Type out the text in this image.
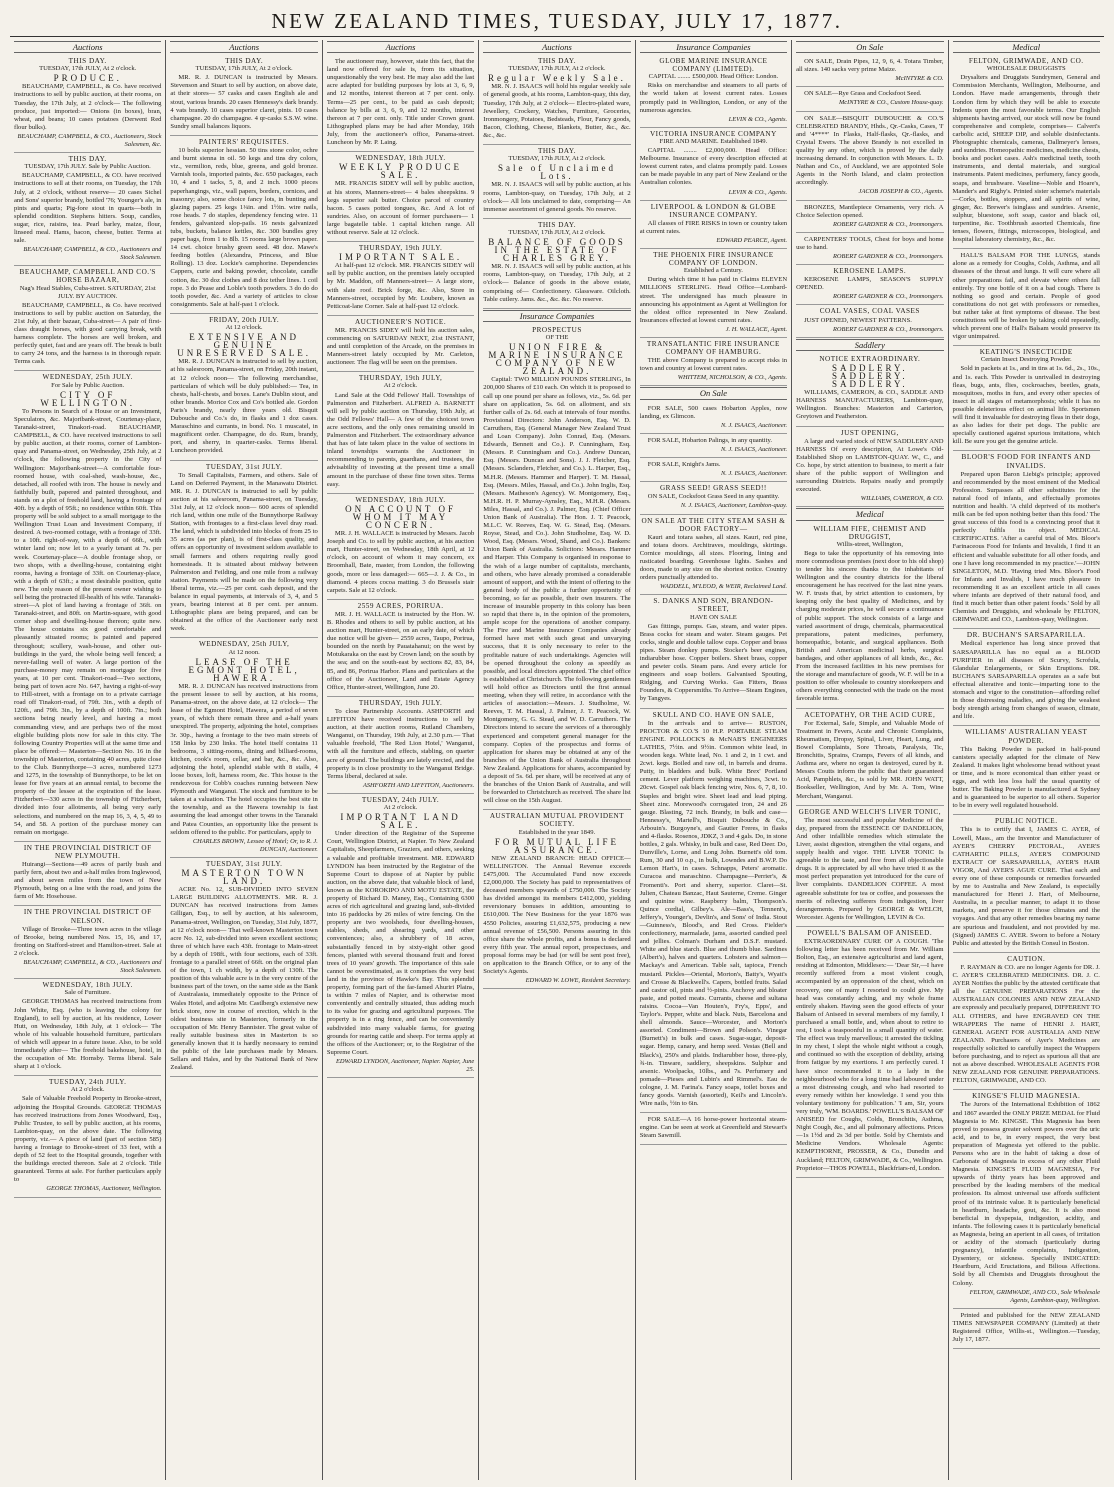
NEW ZEALAND TIMES, TUESDAY, JULY 17, 1877.
Auctions
THIS DAY.
TUESDAY, 17th JULY, At 2 o'clock.
PRODUCE.

BEAUCHAMP, CAMPBELL, & Co. have received instructions to sell by public auction, at their rooms, on Tuesday, the 17th July, at 2 o'clock— The following produce, just imported:— Onions (in boxes), bran, wheat, and beans; 10 cases potatoes (Derwent Red flour bulks).

BEAUCHAMP, CAMPBELL, & CO., Auctioneers, Stock Salesmen, &c.
THIS DAY.
TUESDAY, 17th JULY. Sale by Public Auction.

BEAUCHAMP, CAMPBELL, & CO. have received instructions to sell at their rooms, on Tuesday, the 17th July, at 2 o'clock, without reserve— 20 cases Sichel and Sons' superior brandy, bottled '76; Younger's ale, in pints and quarts; Pig-fore stout in quarts—both in splendid condition. Stephens hitters. Soup, candles, sugar, rice, raisins, tea. Pearl barley, maize, flour, linseed meal. Hams, bacon, cheese, butter. Terms at sale.

BEAUCHAMP, CAMPBELL, & CO., Auctioneers and Stock Salesmen.
BEAUCHAMP, CAMPBELL AND CO.'S HORSE BAZAAR,
Nag's Head Stables, Cuba-street. SATURDAY, 21st JULY. BY AUCTION.

BEAUCHAMP, CAMPBELL, & Co. have received instructions to sell by public auction on Saturday, the 21st July, at their bazaar, Cuba-street— A pair of first-class draught horses, with good carrying break, with harness complete. The horses are well broken, and perfectly quiet, fast and are years off. The break is built to carry 24 tons, and the harness is in thorough repair. Terms cash.

WEDNESDAY, 25th JULY.
For Sale by Public Auction.
CITY OF WELLINGTON.

To Persons in Search of a House or an Investment, Speculators, &c. Majoribank-street, Courtenay-place, Taranaki-street, Tinakori-road. BEAUCHAMP, CAMPBELL, & CO. have received instructions to sell by public auction, at their rooms, corner of Lambton-quay and Panama-street, on Wednesday, 25th July, at 2 o'clock, the following property in the City of Wellington: Majoribank-street—A comfortable four-roomed house, with coal-shed, wash-house, &c., detached, all roofed with iron. The house is newly and faithfully built, papered and painted throughout, and stands on a plot of freehold land, having a frontage of 40ft. by a depth of 95ft.; no residence within 60ft. This property will be sold subject to a small mortgage to the Wellington Trust Loan and Investment Company, if desired. A two-roomed cottage, with a frontage of 33ft. to a 10ft. right-of-way, with a depth of 66ft., with winter land on; now let to a yearly tenant at 7s. per week. Courtenay-place—A double frontage shop, or two shops, with a dwelling-house, containing eight rooms, having a frontage of 33ft. on Courtenay-place, with a depth of 63ft.; a most desirable position, quite new. The only reason of the present owner wishing to sell being the protracted ill-health of his wife. Taranaki-street—A plot of land having a frontage of 36ft. on Taranaki-street, and 80ft. on Martin-square, with good corner shop and dwelling-house thereon; quite new. The house contains six good comfortable and pleasantly situated rooms; is painted and papered throughout; scullery, wash-house, and other out-buildings in the yard, the whole being well fenced; a never-failing well of water. A large portion of the purchase-money may remain on mortgage for five years, at 10 per cent. Tinakori-road—Two sections, being part of town acre No. 647, having a right-of-way to Hill-street, with a frontage on to a private carriage road off Tinakori-road, of 79ft. 3in., with a depth of 120ft., and 79ft. 3in., by a depth of 100ft. 7in.; both sections being nearly level, and having a most commanding view, and are perhaps two of the most eligible building plots now for sale in this city. The following Country Properties will at the same time and place be offered:— Masterton—Section No. 16 in the township of Masterton, containing 40 acres, quite close to the Club. Bunnythorpe—3 acres, numbered 1273 and 1275, in the township of Bunnythorpe, to be let on lease for five years at an annual rental, to become the property of the lessee at the expiration of the lease. Fitzherbert—330 acres in the township of Fitzherbert, divided into four allotments, all being very early selections, and numbered on the map 16, 3, 4, 5, 49 to 54, and 58. A portion of the purchase money can remain on mortgage.

IN THE PROVINCIAL DISTRICT OF NEW PLYMOUTH.

Huirangi—Sections—49 acres of partly bush and partly fern, about two and a-half miles from Inglewood, and about seven miles from the town of New Plymouth, being on a line with the road, and joins the farm of Mr. Hosehouse.

IN THE PROVINCIAL DISTRICT OF NELSON.

Village of Brooke—Three town acres in the village of Brooke, being numbered Nos. 15, 16, and 17, fronting on Stafford-street and Hamilton-street. Sale at 2 o'clock.

BEAUCHAMP, CAMPBELL, & CO., Auctioneers and Stock Salesmen.
WEDNESDAY, 18th JULY.
Sale of Furniture.

GEORGE THOMAS has received instructions from John White, Esq. (who is leaving the colony for England), to sell by auction, at his residence, Lower Hutt, on Wednesday, 18th July, at 1 o'clock— The whole of his valuable household furniture, particulars of which will appear in a future issue. Also, to be sold immediately after— The freehold bakehouse, hotel, in the occupation of Mr. Hornsby. Terms liberal. Sale sharp at 1 o'clock.

TUESDAY, 24th JULY.
At 2 o'clock.

Sale of Valuable Freehold Property in Brooke-street, adjoining the Hospital Grounds. GEORGE THOMAS has received instructions from Jones Woodward, Esq., Public Trustee, to sell by public auction, at his rooms, Lambton-quay, on the above date. The following property, viz.— A piece of land (part of section 585) having a frontage to Brooke-street of 33 feet, with a depth of 52 feet to the Hospital grounds, together with the buildings erected thereon. Sale at 2 o'clock. Title guaranteed. Terms at sale. For further particulars apply to

GEORGE THOMAS, Auctioneer, Wellington.
Auctions
THIS DAY.
TUESDAY, 17th JULY, At 2 o'clock.

MR. R. J. DUNCAN is instructed by Messrs. Stevenson and Stuart to sell by auction, on above date, at their stores— 57 casks and cases English ale and stout, various brands. 20 cases Hennessy's dark brandy. 4 vats brandy. 10 cases superior claret, pints. 10 cases champagne. 20 do champagne. 4 qr-casks S.S.W. wine. Sundry small balances liquors.

PAINTERS' REQUISITES.

10 bolts superior hessian. 50 tins stone color, ochre and burnt sienna in oil. 50 kegs and tins dry colors, viz., vermilion, reds, blue, greens, and gold bronze. Varnish tools, imported paints, &c. 650 packages, each 10, 4 and 1 tacks, 5, 8, and 2 inch. 1000 pieces paperhangings, viz., wall papers, borders, cornices, and masonry; also, some choice fancy lots, in bunting and glazing papers. 25 kegs 1¼in. and 1½in. wire nails, rose heads. 7 do staples, dependency fencing wire. 11 fenders, galvanized slop-pails. 16 nests galvanized tubs, buckets, balance kettles, &c. 300 bundles grey paper bags, from 1 to 8lb. 15 rooms large brown paper. 14 cwt. choice brushy green seed. 48 doz. Mawe's feeding bottles (Alexandra, Princess, and Blue Rolling). 13 doz. Lockie's camphorine. Dependencies Cappers, curie and baking powder, chocolate, candle cotton, &c. 30 doz clothes and 8 doz tether lines. 1 coil rope. 3 do Pease and Loble's tooth powders. 3 do do do tooth powder, &c. And a variety of articles to close consignments. Sale at half-past 1 o'clock.

FRIDAY, 20th JULY.
At 12 o'clock.
EXTENSIVE AND GENUINE UNRESERVED SALE.

MR. R. J. DUNCAN is instructed to sell by auction, at his salesroom, Panama-street, on Friday, 20th instant, at 12 o'clock noon— The following merchandise, particulars of which will be duly published:— Tea, in chests, half-chests, and boxes. Lane's Dublin stout, and other brands. Morice Cox and Co's bottled ale. Gordon Paris's brandy, nearly three years old. Bisquit Dubouche and Co.'s do, in flasks and 1 doz cases. Maraschino and currants, in bond. No. 1 muscatel, in magnificent order. Champagne, do do. Rum, brandy, port, and sherry, in quarter-casks. Terms liberal. Luncheon provided.

TUESDAY, 31st JULY.

To Small Capitalists, Farmers, and others. Sale of Land on Deferred Payment, in the Manawatu District. MR. R. J. DUNCAN is instructed to sell by public auction at his salesroom, Panama-street, on Tuesday, 31st July, at 12 o'clock noon— 600 acres of splendid rich land, within one mile of the Bunnythorpe Railway Station, with frontages to a first-class level dray road. The land, which is subdivided into blocks of from 25 to 35 acres (as per plan), is of first-class quality, and offers an opportunity of investment seldom available to small farmers and others requiring really good homesteads. It is situated about midway between Palmerston and Feilding, and one mile from a railway station. Payments will be made on the following very liberal terms, viz.—25 per cent. cash deposit, and the balance in equal payments, at intervals of 3, 4, and 5 years, bearing interest at 8 per cent. per annum. Lithographic plans are being prepared, and can be obtained at the office of the Auctioneer early next week.

WEDNESDAY, 25th JULY,
At 12 noon.
LEASE OF THE EGMONT HOTEL, HAWERA.

MR. R. J. DUNCAN has received instructions from the present lessee to sell by auction, at his rooms, Panama-street, on the above date, at 12 o'clock— The lease of the Egmont Hotel, Hawera, a period of seven years, of which there remain three and a-half years unexpired. The property, adjoining the hotel, comprises 3r. 30p., having a frontage to the two main streets of 158 links by 230 links. The hotel itself contains 11 bedrooms, 3 sitting-rooms, dining and billiard-rooms, kitchen, cook's room, cellar, and bar, &c., &c. Also, adjoining the hotel, splendid stable with 8 stalls, 4 loose boxes, loft, harness room, &c. This house is the rendezvous for Cobb's coaches running between New Plymouth and Wanganui. The stock and furniture to be taken at a valuation. The hotel occupies the best site in the township, and as the Hawera township is fast assuming the lead amongst other towns in the Taranaki and Patea Counties, an opportunity like the present is seldom offered to the public. For particulars, apply to

CHARLES BROWN, Lessee of Hotel; Or, to R. J. DUNCAN, Auctioneer.
TUESDAY, 31st JULY.
MASTERTON TOWN LAND.

ACRE No. 12, SUB-DIVIDED INTO SEVEN LARGE BUILDING ALLOTMENTS. MR. R. J. DUNCAN has received instructions from James Gilligan, Esq., to sell by auction, at his salesroom, Panama-street, Wellington, on Tuesday, 31st July, 1877, at 12 o'clock noon— That well-known Masterton town acre No. 12, sub-divided into seven excellent sections; three of which have each 43ft. frontage to Main-street by a depth of 198ft., with four sections, each of 33ft. frontage to a parallel street of 66ft. on the original plan of the town, 1 ch width, by a depth of 130ft. The position of this valuable acre is in the very centre of the business part of the town, on the same side as the Bank of Australasia, immediately opposite to the Prince of Wales Hotel, and adjoins Mr. Castlberg's extensive new brick store, now in course of erection, which is the oldest business site in Masterton, formerly in the occupation of Mr. Henry Bannister. The great value of really suitable business sites in Masterton is so generally known that it is hardly necessary to remind the public of the late purchases made by Messrs. Sellars and Hales, and by the National Bank of New Zealand.

Auctions

The auctioneer may, however, state this fact, that the land now offered for sale is, from its situation, unquestionably the very best. He may also add the last acre adapted for building purposes by lots at 3, 6, 9, and 12 months, interest thereon at 7 per cent. only. Terms—25 per cent., to be paid as cash deposit; balance by bills at 3, 6, 9, and 12 months, interest thereon at 7 per cent. only. Title under Crown grant. Lithographed plans may be had after Monday, 16th July, from the auctioneer's office, Panama-street. Luncheon by Mr. P. Laing.

WEDNESDAY, 18th JULY.
WEEKLY PRODUCE SALE.

MR. FRANCIS SIDEY will sell by public auction, at his stores, Manners-street— 4 bales sheepskins. 9 kegs superior salt butter. Choice parcel of country bacon. 5 cases potted tongues, &c. And A lot of sundries. Also, on account of former purchasers— 1 large bagatelle table. 1 capital kitchen range. All without reserve. Sale at 12 o'clock.

THURSDAY, 19th JULY.
IMPORTANT SALE.

At half-past 12 o'clock. MR. FRANCIS SIDEY will sell by public auction, on the premises lately occupied by Mr. Maddon, off Manners-street— A large store, with slate roof. Brick forge, &c. Also, Store in Manners-street, occupied by Mr. Loubere, known as Petticoat-lane Corner. Sale at half-past 12 o'clock.

AUCTIONEER'S NOTICE.

MR. FRANCIS SIDEY will hold his auction sales, commencing on SATURDAY NEXT, 21st INSTANT, and until completion of the Arcade, on the premises in Manners-street lately occupied by Mr. Carleton, auctioneer. The flag will be seen on the premises.

THURSDAY, 19th JULY,
At 2 o'clock.

Land Sale at the Odd Fellows' Hall. Townships of Palmerston and Fitzherbert. ALFRED A. BARNETT will sell by public auction on Thursday, 19th July, at the Odd Fellows' Hall— A few of the choicest town acre sections, and the only ones remaining unsold in Palmerston and Fitzherbert. The extraordinary advance that has of late taken place in the value of sections in inland townships warrants the Auctioneer in recommending to parents, guardians, and trustees, the advisability of investing at the present time a small amount in the purchase of these fine town sites. Terms easy.

WEDNESDAY, 18th JULY.
ON ACCOUNT OF WHOM IT MAY CONCERN.

MR. J. H. WALLACE is instructed by Messrs. Jacob Joseph and Co. to sell by public auction, at his auction mart, Hunter-street, on Wednesday, 18th April, at 12 o'clock, on account of whom it may concern, ex Broomhall, Bate, master, from London, the following goods, more or less damaged:— 665—J. J. & Co., in diamond. 4 pieces cocoa matting. 3 do Brussels stair carpets. Sale at 12 o'clock.

2559 ACRES, PORIRUA.

MR. J. H. WALLACE is instructed by the Hon. W. B. Rhodes and others to sell by public auction, at his auction mart, Hunter-street, on an early date, of which due notice will be given— 2559 acres, Taupo, Porirua, bounded on the north by Pauatahanui; on the west by Motukaraka on the east by Crown land; on the south by the sea; and on the south-east by sections 82, 83, 84, 85, and 86, Porirua Harbor. Plans and particulars at the office of the Auctioneer, Land and Estate Agency Office, Hunter-street, Wellington, June 20.

THURSDAY, 19th JULY.

To close Partnership Accounts. ASHFORTH and LIFFITON have received instructions to sell by auction, at their auction rooms, Rutland Chambers, Wanganui, on Thursday, 19th July, at 2.30 p.m.— That valuable freehold, 'The Red Lion Hotel,' Wanganui, with all the furniture and effects, stabling, on quarter acre of ground. The buildings are lately erected, and the property is in close proximity to the Wanganui Bridge. Terms liberal, declared at sale.

ASHFORTH AND LIFFITON, Auctioneers.
TUESDAY, 24th JULY.
At 2 o'clock.
IMPORTANT LAND SALE.

Under direction of the Registrar of the Supreme Court, Wellington District, at Napier. To New Zealand Capitalists, Sheepfarmers, Graziers, and others, seeking a valuable and profitable investment. MR. EDWARD LYNDON has been instructed by the Registrar of the Supreme Court to dispose of at Napier by public auction, on the above date, that valuable block of land, known as the KOROKIPO AND MOTU ESTATE, the property of Richard D. Maney, Esq., Containing 6300 acres of rich agricultural and grazing land, sub-divided into 16 paddocks by 26 miles of wire fencing. On the property are two woolsheds, four dwelling-houses, stables, sheds, and shearing yards, and other conveniences; also, a shrubbery of 18 acres, substantially fenced in by sixty-eight other good fences, planted with several thousand fruit and forest trees of 10 years' growth. The importance of this sale cannot be overestimated, as it comprises the very best land in the province of Hawke's Bay. This splendid property, forming part of the far-famed Ahuriri Plains, is within 7 miles of Napier, and is otherwise most conveniently and centrally situated, thus adding much to its value for grazing and agricultural purposes. The property is in a ring fence, and can be conveniently subdivided into many valuable farms, for grazing grounds for rearing cattle and sheep. For terms apply at the offices of the Auctioneer; or, to the Registrar of the Supreme Court.

EDWARD LYNDON, Auctioneer, Napier. Napier, June 25.
Auctions
THIS DAY.
TUESDAY, 17th JULY, At 2 o'clock.
Regular Weekly Sale.

MR. N. J. ISAACS will hold his regular weekly sale of general goods, at his rooms, Lambton-quay, this day, Tuesday, 17th July, at 2 o'clock— Electro-plated ware, Jewellery, Crockery, Watches, Furniture, Groceries, Ironmongery, Potatoes, Bedsteads, Flour, Fancy goods, Bacon, Clothing, Cheese, Blankets, Butter, &c., &c. &c., &c.

THIS DAY.
TUESDAY, 17th JULY, At 2 o'clock.
Sale of Unclaimed Lots.

MR. N. J. ISAACS will sell by public auction, at his rooms, Lambton-quay, on Tuesday, 17th July, at 2 o'clock— All lots unclaimed to date, comprising— An immense assortment of general goods. No reserve.

THIS DAY.
TUESDAY, 17th JULY, At 2 o'clock.
BALANCE OF GOODS IN THE ESTATE OF CHARLES GREY.

MR. N. J. ISAACS will sell by public auction, at his rooms, Lambton-quay, on Tuesday, 17th July, at 2 o'clock— Balance of goods in the above estate, comprising of— Confectionery. Glassware. Oilcloth. Table cutlery. Jams. &c., &c. &c. No reserve.

Insurance Companies
PROSPECTUS
OF THE
UNION FIRE & MARINE INSURANCE COMPANY OF NEW ZEALAND.

Capital: TWO MILLION POUNDS STERLING, In 200,000 Shares of £10 each. On which it is proposed to call up one pound per share as follows, viz., 5s. 6d. per share on application, 5s. 6d. on allotment, and six further calls of 2s. 6d. each at intervals of four months. Provisional Directors: John Anderson, Esq. W. D. Carruthers, Esq. (General Manager New Zealand Trust and Loan Company). John Conrad, Esq. (Messrs. Edwards, Bennett and Co.). P. Cunningham, Esq. (Messrs. P. Cunningham and Co.). Andrew Duncan, Esq. (Messrs. Duncan and Sons). J. J. Fletcher, Esq. (Messrs. Sclanders, Fletcher, and Co.). L. Harper, Esq., M.H.R. (Messrs. Hammer and Harper). T. M. Hassal, Esq. (Messrs. Miles, Hassal, and Co.). John Inglis, Esq. (Messrs. Matheson's Agency). W. Montgomery, Esq., M.H.R. H. P. Murray-Aynsley, Esq., M.H.R. (Messrs. Miles, Hassal, and Co.). J. Palmer, Esq. (Chief Officer Union Bank of Australia). The Hon. J. T. Peacock, M.L.C. W. Reeves, Esq. W. G. Stead, Esq. (Messrs. Royse, Stead, and Co.). John Studholme, Esq. W. D. Wood, Esq. (Messrs. Wood, Shand, and Co.). Bankers: Union Bank of Australia. Solicitors: Messrs. Hanmer and Harper. This Company is organised in response to the wish of a large number of capitalists, merchants, and others, who have already promised a considerable amount of support, and with the intent of offering to the general body of the public a further opportunity of becoming, so far as possible, their own insurers. The increase of insurable property in this colony has been so rapid that there is, in the opinion of the promoters, ample scope for the operations of another company. The Fire and Marine Insurance Companies already formed have met with such great and unvarying success, that it is only necessary to refer to the profitable nature of such undertakings. Agencies will be opened throughout the colony as speedily as possible, and local directors appointed. The chief office is established at Christchurch. The following gentlemen will hold office as Directors until the first annual meeting, when they will retire, in accordance with the articles of association:—Messrs. J. Studholme, W. Reeves, T. M. Hassal, J. Palmer, J. T. Peacock, W. Montgomery, G. G. Stead, and W. D. Carruthers. The Directors intend to secure the services of a thoroughly experienced and competent general manager for the company. Copies of the prospectus and forms of application for shares may be obtained at any of the branches of the Union Bank of Australia throughout New Zealand. Applications for shares, accompanied by a deposit of 5s. 6d. per share, will be received at any of the branches of the Union Bank of Australia, and will be forwarded to Christchurch as received. The share list will close on the 15th August.

AUSTRALIAN MUTUAL PROVIDENT SOCIETY.
Established in the year 1849.
FOR MUTUAL LIFE ASSURANCE.

NEW ZEALAND BRANCH: HEAD OFFICE—WELLINGTON. The Annual Revenue exceeds £475,000. The Accumulated Fund now exceeds £2,000,000. The Society has paid to representatives of deceased members upwards of £750,000. The Society has divided amongst its members £412,000, yielding reversionary bonuses in addition, amounting to £610,000. The New Business for the year 1876 was 4550 Policies, assuring £1,632,575, producing a new annual revenue of £56,500. Persons assuring in this office share the whole profits, and a bonus is declared every fifth year. The annual report, prospectuses, and proposal forms may be had (or will be sent post free), on application to the Branch Office, or to any of the Society's Agents.

EDWARD W. LOWE, Resident Secretary.
Insurance Companies
GLOBE MARINE INSURANCE COMPANY (LIMITED).
CAPITAL ........ £500,000. Head Office: London.

Risks on merchandise and steamers to all parts of the world taken at lowest current rates. Losses promptly paid in Wellington, London, or any of the numerous agencies.

LEVIN & CO., Agents.
VICTORIA INSURANCE COMPANY
FIRE AND MARINE. Established 1849.

CAPITAL ........ £2,000,000. Head Office: Melbourne. Insurance of every description effected at lowest current rates, and claims promptly paid. Losses can be made payable in any part of New Zealand or the Australian colonies.

LEVIN & CO., Agents.
LIVERPOOL & LONDON & GLOBE INSURANCE COMPANY.

All classes of FIRE RISKS in town or country taken at current rates.

EDWARD PEARCE, Agent.
THE PHOENIX FIRE INSURANCE COMPANY OF LONDON.
Established a Century.

During which time it has paid in Claims ELEVEN MILLIONS STERLING. Head Office—Lombard-street. The undersigned has much pleasure in announcing his appointment as Agent at Wellington for the oldest office represented in New Zealand. Insurances effected at lowest current rates.

J. H. WALLACE, Agent.
TRANSATLANTIC FIRE INSURANCE COMPANY OF HAMBURG.

THE above Company is prepared to accept risks in town and country at lowest current rates.

WHITTEM, NICHOLSON, & CO., Agents.
On Sale

FOR SALE, 500 cases Hobarton Apples, now landing, ex Glimcon.

N. J. ISAACS, Auctioneer.

FOR SALE, Hobarton Palings, in any quantity.

N. J. ISAACS, Auctioneer.

FOR SALE, Knight's Jams.

N. J. ISAACS, Auctioneer.
GRASS SEED! GRASS SEED!!

ON SALE, Cocksfoot Grass Seed in any quantity.

N. J. ISAACS, Auctioneer, Lambton-quay.
ON SALE AT THE CITY STEAM SASH & DOOR FACTORY—

Kauri and totara sashes, all sizes. Kauri, red pine, and totara doors. Architraves, mouldings, skirtings. Cornice mouldings, all sizes. Flooring, lining and rusticated boarding. Greenhouse lights. Sashes and doors, made to any size on the shortest notice. Country orders punctually attended to.

WADDELL, M'LEOD, & WEIR, Reclaimed Land.
S. DANKS AND SON, BRANDON-STREET,
HAVE ON SALE

Gas fittings, pumps. Gas, steam, and water pipes. Brass cocks for steam and water. Steam gauges. Pet cocks, single and double tallow cups. Copper and brass pipes. Steam donkey pumps. Stocker's beer engines, indiarubber hose. Copper boilers. Sheet brass, copper and pewter coils. Steam pans. And every article for engineers and soap boilers. Galvanised Spouting, Ridging, and Curving Works. Gas Fitters, Brass Founders, & Coppersmiths. To Arrive—Steam Engines, by Tangyes.

SKULL AND CO. HAVE ON SALE,

In the arrivals and to arrive— RUSTON, PROCTOR & CO.'S 10 H.P. PORTABLE STEAM ENGINE. POLLOCK'S & McNAB'S ENGINEERS LATHES, 7½in. and 9½in. Common white lead, in wooden kegs. White lead, No. 1 and 2, in 1 cwt. and 2cwt. kegs. Boiled and raw oil, in barrels and drums. Putty, in bladders and bulk. White Brex' Portland cement. Lever platform weighing machines, 3cwt. to 20cwt. Gospel oak black fencing wire, Nos. 6, 7, 8, 10. Staples and bright wire. Sheet lead and lead piping. Sheet zinc. Morewood's corrugated iron, 24 and 26 gauge. Blasting, 72 inch. Brandy, in bulk and case—Hennessy's, Martell's, Bisquit Dubouche & Co., Arbouin's. Burgoyne's, and Gautier Freres, in flasks and 4-flasks. Rosenos, JDKZ, 3 and 4 gals. Do, in stone bottles, 2 gals. Whisky, in bulk and case, Red Deer. Do, Dunville's, Lorne, and Long John. Burnett's old tom. Rum, 30 and 10 o.p., in bulk, Lowndes and B.W.P. Do Lemon Hart's, in cases. Schnapps, Peters' aromatic. Curacoa and maraschino. Champagne—Perrier's, & Fromenti's. Port and sherry, superior. Claret—St. Julien, Chateau Banzac, Haut Sauterne, Creme. Ginger and quinine wine. Raspberry balm, Thompson's. Quince cordial, Gilbey's. Ale—Bass's, Tennent's, Jeffery's, Younger's, Devlin's, and Sons' of India. Stout—Guinness's, Blood's, and Red Cross. Fielder's confectionery, marmalade, jams, assorted candied peel and jellies. Colman's Durham and D.S.F. mustard. White and blue starch. Blue and thumb blue. Sardines (Albert's), halves and quarters. Lobsters and salmon—Mackay's and American. Table salt, tapioca, French mustard. Pickles—Oriental, Morton's, Batty's, Wyatt's and Crosse & Blackwell's. Capers, bottled fruits. Salad and castor oil, pints and ½-pints. Anchovy and bloater paste, and potted meats. Currants, cheese and sultana raisins. Cocoa—Van Houten's, Fry's, Epps', and Taylor's. Pepper, white and black. Nuts, Barcelona and shell almonds. Sauce—Worcester, and Morton's assorted. Condiment—Brown and Polson's. Vinegar (Burnett's) in bulk and cases. Sugar-sugar, deposit-sugar. Hemp, canary, and hemp seed. Vestas (Bell and Black's), 250's and plaids. Indiarubber hose, three-ply, ¾-in. Tinware, saddlery, sheepskins. Sulphur and arsenic. Woolpacks, 10lbs., and 7s. Perfumery and pomade—Pieses and Lubin's and Rimmel's. Eau de cologne, J. M. Farina's. Fancy soaps, toilet boxes and fancy goods. Varnish (assorted), Keil's and Lincoln's. Wire nails, ½in to 6in.

FOR SALE—A 16 horse-power horizontal steam-engine. Can be seen at work at Greenfield and Stewart's Steam Sawmill.

On Sale

ON SALE, Drain Pipes, 12, 9, 6, 4. Totara Timber, all sizes. 140 sacks very prime Maize.

McINTYRE & CO.

ON SALE—Rye Grass and Cocksfoot Seed.

McINTYRE & CO., Custom House-quay.

ON SALE—BISQUIT DUBOUCHE & CO.'S CELEBRATED BRANDY, Hhds., Qr.-Casks, Cases, 'I' and '4****' In Flasks, Half-flasks, Qr.-flasks, and Crystal Ewers. The above Brandy is not excelled in quality by any other, which is proved by the daily increasing demand. In conjunction with Messrs. L. D. Nathan and Co., of Auckland, we are appointed Sole Agents in the North Island, and claim protection accordingly.

JACOB JOSEPH & CO., Agents.

BRONZES, Mantlepiece Ornaments, very rich. A Choice Selection opened.

ROBERT GARDNER & CO., Ironmongers.

CARPENTERS' TOOLS, Chest for boys and home use to hand.

ROBERT GARDNER & CO., Ironmongers.
KEROSENE LAMPS.

KEROSENE LAMPS, SEASON'S SUPPLY OPENED.

ROBERT GARDNER & CO., Ironmongers.
COAL VASES, COAL VASES

JUST OPENED, NEWEST PATTERNS.

ROBERT GARDNER & CO., Ironmongers.
Saddlery
NOTICE EXTRAORDINARY.
SADDLERY. SADDLERY. SADDLERY.

WILLIAMS, CAMERON, & CO., SADDLE AND HARNESS MANUFACTURERS, Lambton-quay, Wellington. Branches: Masterton and Carterton, Greytown and Featherston.

JUST OPENING,

A large and varied stock of NEW SADDLERY AND HARNESS Of every description, At Lowe's Old-Established Shop on LAMBTON-QUAY. W., C., and Co. hope, by strict attention to business, to merit a fair share of the public support of Wellington and surrounding Districts. Repairs neatly and promptly executed.

WILLIAMS, CAMERON, & CO.
Medical
WILLIAM FIFE, CHEMIST AND DRUGGIST,
Willis-street, Wellington,

Begs to take the opportunity of his removing into more commodious premises (next door to his old shop) to tender his sincere thanks to the inhabitants of Wellington and the country districts for the liberal encouragement he has received for the last nine years. W. F. trusts that, by strict attention to customers, by keeping only the best quality of Medicines, and by charging moderate prices, he will secure a continuance of public support. The stock consists of a large and varied assortment of drugs, chemicals, pharmaceutical preparations, patent medicines, perfumery, homeopathic, botanic, and surgical appliances. Both British and American medicinal herbs, surgical bandages, and other appliances of all kinds, &c., &c. From the increased facilities in his new premises for the storage and manufacture of goods, W. F. will be in a position to offer wholesale to country storekeepers and others everything connected with the trade on the most favorable terms.

ACETOPATHY, OR THE ACID CURE,

For External, Safe, Simple, and Valuable Mode of Treatment in Fevers, Acute and Chronic Complaints, Rheumatism, Dropsy, Spinal, Liver, Heart, Lung, and Bowel Complaints, Sore Throats, Paralysis, Tic, Bronchitis, Sprains, Cramps, Fevers of all kinds, and Asthma are, where no organ is destroyed, cured by it. Messrs Coutts inform the public that their guaranteed Acid, Pamphlets, &c., is sold by MR. JOHN WATT, Bookseller, Wellington, And by Mr. A. Tom, Wine Merchant, Wanganui.

GEORGE AND WELCH'S LIVER TONIC,

The most successful and popular Medicine of the day, prepared from the ESSENCE OF DANDELION, And other infallible remedies which stimulate the Liver, assist digestion, strengthen the vital organs, and supply health and vigor. THE LIVER TONIC Is agreeable to the taste, and free from all objectionable drugs. It is appreciated by all who have tried it as the most perfect preparation yet introduced for the cure of liver complaints. DANDELION COFFEE. A most agreeable substitute for tea or coffee, and possesses the merits of relieving sufferers from indigestion, liver derangements. Prepared by GEORGE & WELCH, Worcester. Agents for Wellington, LEVIN & Co.

POWELL'S BALSAM OF ANISEED.

EXTRAORDINARY CURE OF A COUGH. 'The following letter has been received from Mr. William Bolton, Esq., an extensive agriculturist and land agent, residing at Edmonton, Middlesex:— 'Dear Sir,—I have recently suffered from a most violent cough, accompanied by an oppression of the chest, which on recovery, one of many I resorted to could give. My head was constantly aching, and my whole frame entirely shaken. Having seen the good effects of your Balsam of Aniseed in several members of my family, I purchased a small bottle, and, when about to retire to rest, I took a teaspoonful in a small quantity of water. The effect was truly marvellous; it arrested the tickling in my chest, I slept the whole night without a cough, and continued so with the exception of debility, arising from fatigue by my exertions. I am perfectly cured. I have since recommended it to a lady in the neighbourhood who for a long time had laboured under a most distressing cough, and who had resorted to every remedy within her knowledge. I send you this voluntary testimony for publication.' 'I am, Sir, yours very truly, 'WM. BOARDS.' POWELL'S BALSAM OF ANISEED for Coughs, Colds, Bronchitis, Asthma, Night Cough, &c., and all pulmonary affections. Prices—1s 1½d and 2s 3d per bottle. Sold by Chemists and Medicine Vendors. Wholesale Agents: KEMPTHORNE, PROSSER, & Co., Dunedin and Auckland; FELTON, GRIMWADE, & Co., Wellington. Proprietor—THOS POWELL, Blackfriars-rd, London.

Medical
FELTON, GRIMWADE, AND CO.
WHOLESALE DRUGGISTS

Drysalters and Druggists Sundrymen, General and Commission Merchants, Wellington, Melbourne, and London. Have made arrangements, through their London firm by which they will be able to execute Indents upon the most favorable terms. Our English shipments having arrived, our stock will now be found comprehensive and complete, comprises— Calvert's carbolic acid, SHEEP DIP, and soluble disinfectants. Photographic chemicals, cameras, Dallmeyer's lenses, and sundries. Homeopathic medicines, medicine chests, books and pocket cases. Ash's medicinal teeth, tooth instruments, and dental materials, and surgical instruments. Patent medicines, perfumery, fancy goods, soaps, and brushware. Vaseline—Noble and Hoare's, Mander's and Righy's. Printed sister scheme's materials—Corks, bottles, stoppers, and all spirits of wine, ginger, &c. Brewer's isinglass and sundries. Arsenic, sulphur, bluestone, soft soap, castor and black oil, turpentine, &c. Toothbrush assorted Chemicals, fine tenses, flowers, fittings, microscopes, biological, and hospital laboratory chemistry, &c., &c.

HALL'S BALSAM FOR THE LUNGS, stands alone as a remedy for Coughs, Colds, Asthma, and all diseases of the throat and lungs. It will cure where all other preparations fail, and elevate where others fall entirely. Try one bottle of it on a bad cough. There is nothing so good and certain. People of good constitutions do not get with professors or remedies, but rather take at first symptoms of disease. The best constitutions will be broken by taking cold repeatedly, which prevent one of Hall's Balsam would preserve its vigor unimpaired.

KEATING'S INSECTICIDE
Certain Insect Destroying Powder.

Sold in packets at 1s., and in tins at 1s. 6d., 2s., 10s., and 1s. each. This Powder is unrivalled in destroying fleas, bugs, ants, flies, cockroaches, beetles, gnats, mosquitoes, moths in furs, and every other species of insect in all stages of metamorphosis; while it has no possible deleterious effect on animal life. Sportsmen will find it invaluable for destroying fleas in their dogs, as also ladies for their pet dogs. The public are specially cautioned against spurious imitations, which kill. Be sure you get the genuine article.

BLOOR'S FOOD FOR INFANTS AND INVALIDS.

Prepared upon Baron Liebig's principle; approved and recommended by the most eminent of the Medical Profession. Surpasses all other substitutes for the natural food of infants, and effectually promotes nutrition and health. 'A child deprived of its mother's milk can be fed upon nothing better than this food.' The great success of this food is a convincing proof that it perfectly fulfils its object. MEDICAL CERTIFICATES. 'After a careful trial of Mrs. Bloor's Farinaceous Food for Infants and Invalids, I find it an efficient and valuable substitute for all other foods, and one I have long recommended in my practice.'—JOHN SINGLETON, M.D. 'Having tried Mrs. Bloor's Food for Infants and Invalids, I have much pleasure in recommending it as an excellent article in all cases where infants are deprived of their natural food, and find it much better than other patent foods.' Sold by all Chemists and Druggists, and wholesale by FELTON, GRIMWADE and CO., Lambton-quay, Wellington.

DR. BUCHAN'S SARSAPARILLA.

Medical experience has long since proved that SARSAPARILLA has no equal as a BLOOD PURIFIER in all diseases of Scurvy, Scrofula, Glandular Enlargements, or Skin Eruptions. DR. BUCHAN'S SARSAPARILLA operates as a safe but effectual alterative and tonic—imparting tone to the stomach and vigor to the constitution—affording relief in those distressing maladies, and giving the weakest body strength arising from changes of season, climate, and life.

WILLIAMS' AUSTRALIAN YEAST POWDER.

This Baking Powder is packed in half-pound canisters specially adapted for the climate of New Zealand. It makes light wholesome bread without yeast or time, and is more economical than either yeast or eggs, and with less loss half the usual quantity of butter. The Baking Powder is manufactured at Sydney and is guaranteed to be superior to all others. Superior to be in every well regulated household.

PUBLIC NOTICE.

This is to certify that I, JAMES C. AYER, of Lowell, Mass., am the Inventor and Manufacturer of AYER'S CHERRY PECTORAL, AYER'S CATHARTIC PILLS, AYER'S COMPOUND EXTRACT OF SARSAPARILLA, AYER'S HAIR VIGOR, And AYER'S AGUE CURE. That each and every one of these compounds or remedies forwarded by me to Australia and New Zealand, is especially manufactured for Henri J. Hart, of Melbourne, Australia, in a peculiar manner, to adapt it to those markets, and preserve it for those climates and the voyages. And that any other remedies bearing my name are spurious and fraudulent, and not provided by me. (Signed) JAMES C. AYER. Sworn to before a Notary Public and attested by the British Consul in Boston.

CAUTION.

F. RAYMAN & CO. are no longer Agents for DR. J. C. AYER'S CELEBRATED MEDICINES. DR. J. C. AYER Notifies the public by the attested certificate that all the GENUINE PREPARATIONS For the AUSTRALIAN COLONIES AND NEW ZEALAND are expressly and peculiarly prepared, DIFFERENT TO ALL OTHERS, and have ENGRAVED ON THE WRAPPERS The name of HENRI J. HART, GENERAL AGENT FOR AUSTRALIA AND NEW ZEALAND. Purchasers of Ayer's Medicines are respectfully solicited to carefully inspect the Wrappers before purchasing, and to reject as spurious all that are not as above described. WHOLESALE AGENTS FOR NEW ZEALAND FOR GENUINE PREPARATIONS. FELTON, GRIMWADE, AND CO.

KINGSE'S FLUID MAGNESIA.

The Jurors of the International Exhibition of 1862 and 1867 awarded the ONLY PRIZE MEDAL for Fluid Magnesia to Mr. KINGSE. This Magnesia has been proved to possess greater solvent powers over the uric acid, and to be, in every respect, the very best preparation of Magnesia yet offered to the public. Persons who are in the habit of taking a dose of Carbonate of Magnesia in excess of any other Fluid Magnesia. KINGSE'S FLUID MAGNESIA, For upwards of thirty years has been approved and prescribed by the leading members of the medical profession. Its almost universal use affords sufficient proof of its intrinsic value. It is particularly beneficial in heartburn, headache, gout, &c. It is also most beneficial in dyspepsia, indigestion, acidity, and infants. The following cases it is particularly beneficial as Magnesia, being an aperient in all cases, of irritation or acidity of the stomach (particularly during pregnancy), infantile complaints, Indigestion, Dysentery, or sickness. Specially INDICATED: Heartburn, Acid Eructations, and Bilious Affections. Sold by all Chemists and Druggists throughout the Colony.

FELTON, GRIMWADE, AND CO., Sole Wholesale Agents, Lambton-quay, Wellington.

Printed and published for the NEW ZEALAND TIMES NEWSPAPER COMPANY (Limited) at their Registered Office, Willis-st., Wellington.—Tuesday, July 17, 1877.
